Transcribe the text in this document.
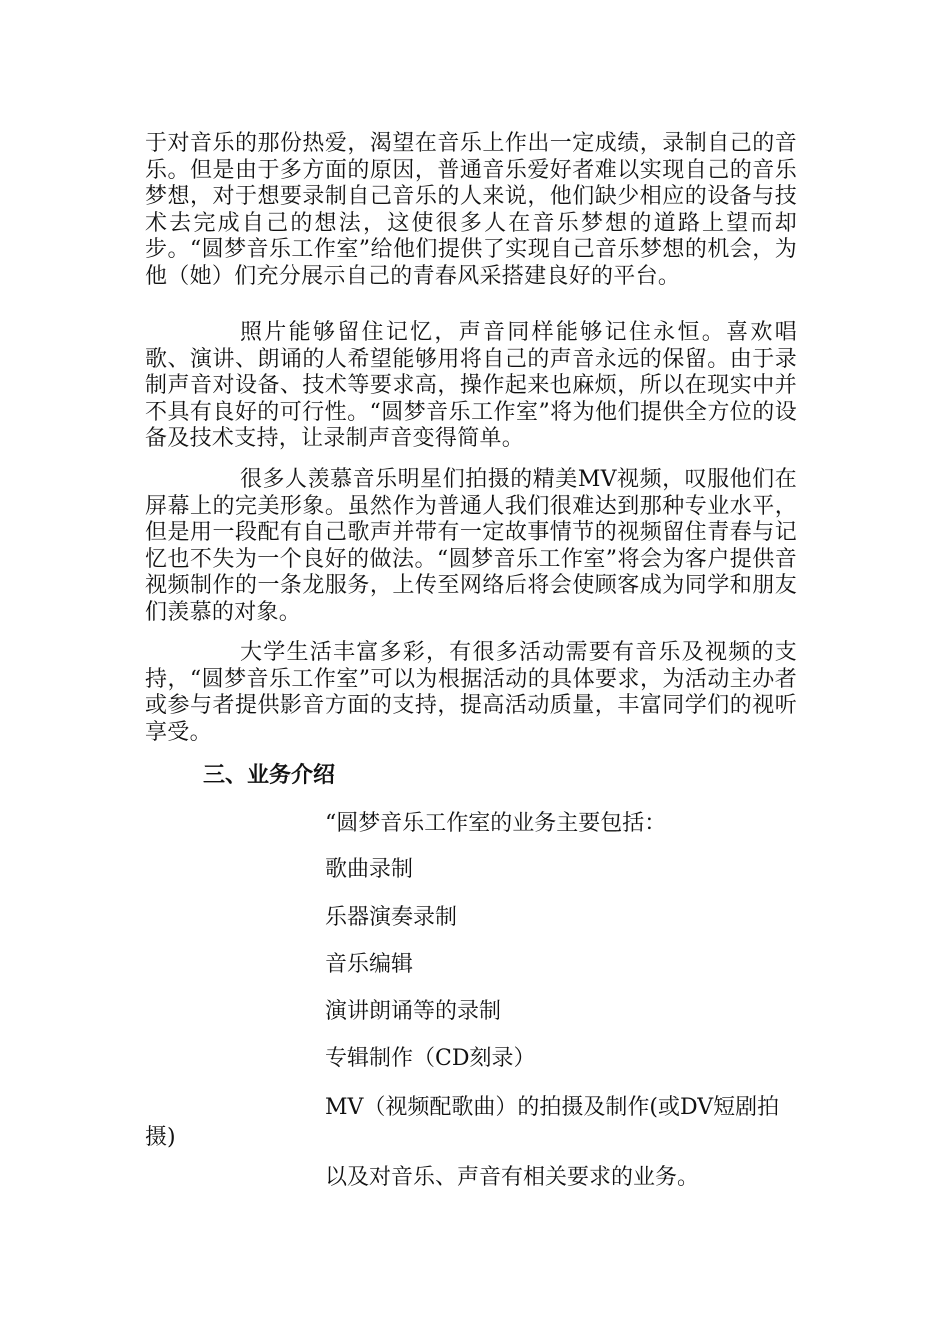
于对音乐的那份热爱，渴望在音乐上作出一定成绩，录制自己的音乐。但是由于多方面的原因，普通音乐爱好者难以实现自己的音乐梦想，对于想要录制自己音乐的人来说，他们缺少相应的设备与技术去完成自己的想法，这使很多人在音乐梦想的道路上望而却步。“圆梦音乐工作室”给他们提供了实现自己音乐梦想的机会，为他（她）们充分展示自己的青春风采搭建良好的平台。

照片能够留住记忆，声音同样能够记住永恒。喜欢唱歌、演讲、朗诵的人希望能够用将自己的声音永远的保留。由于录制声音对设备、技术等要求高，操作起来也麻烦，所以在现实中并不具有良好的可行性。“圆梦音乐工作室”将为他们提供全方位的设备及技术支持，让录制声音变得简单。

很多人羡慕音乐明星们拍摄的精美MV视频，叹服他们在屏幕上的完美形象。虽然作为普通人我们很难达到那种专业水平，但是用一段配有自己歌声并带有一定故事情节的视频留住青春与记忆也不失为一个良好的做法。“圆梦音乐工作室”将会为客户提供音视频制作的一条龙服务，上传至网络后将会使顾客成为同学和朋友们羡慕的对象。

大学生活丰富多彩，有很多活动需要有音乐及视频的支持，“圆梦音乐工作室”可以为根据活动的具体要求，为活动主办者或参与者提供影音方面的支持，提高活动质量，丰富同学们的视听享受。

三、业务介绍

“圆梦音乐工作室的业务主要包括：

歌曲录制

乐器演奏录制

音乐编辑

演讲朗诵等的录制

专辑制作（CD刻录）

MV（视频配歌曲）的拍摄及制作(或DV短剧拍摄)

以及对音乐、声音有相关要求的业务。
